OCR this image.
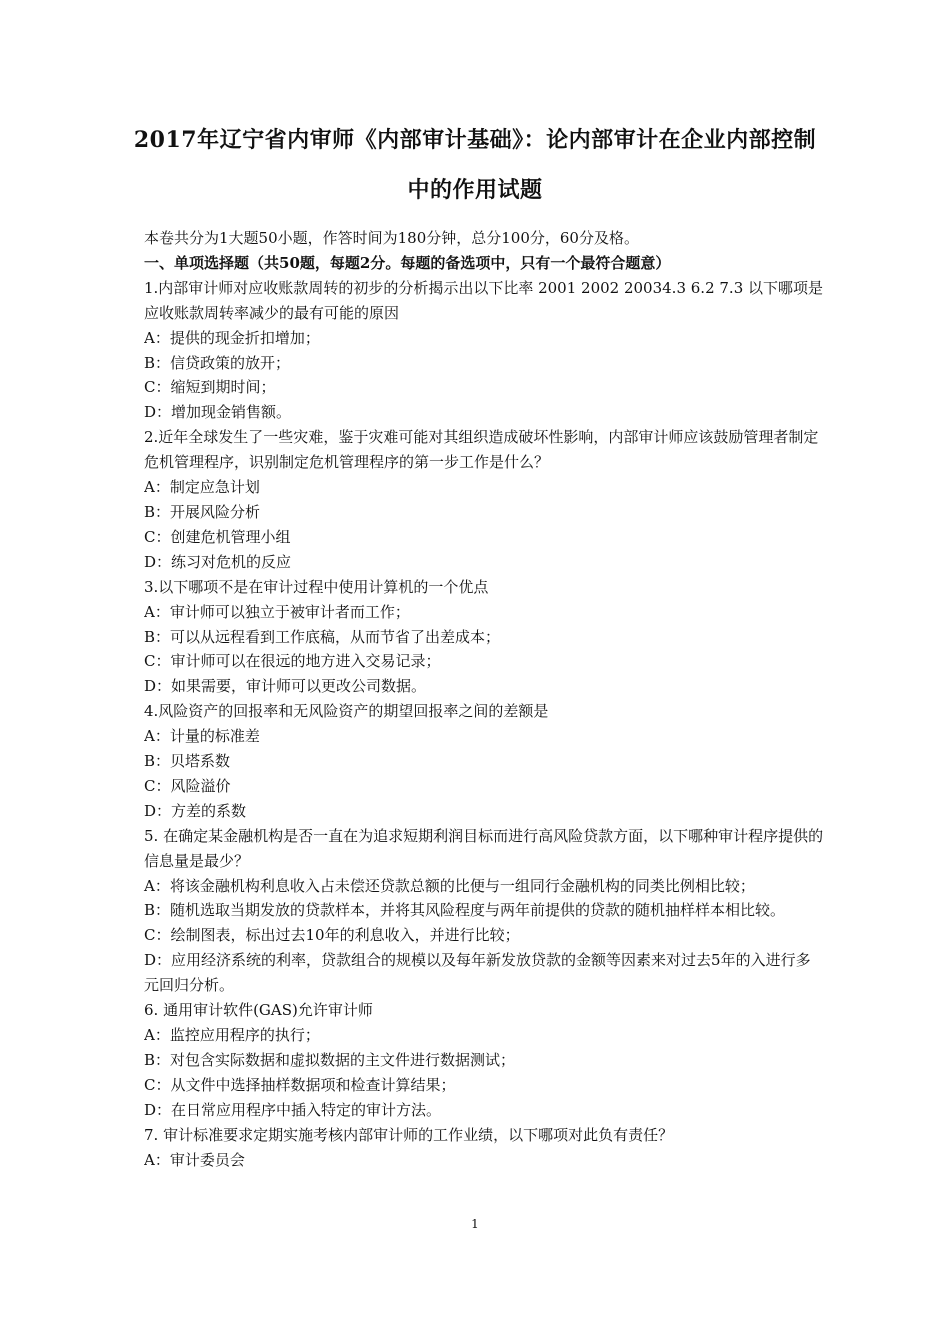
2017年辽宁省内审师《内部审计基础》：论内部审计在企业内部控制
中的作用试题
本卷共分为1大题50小题，作答时间为180分钟，总分100分，60分及格。
一、单项选择题（共50题，每题2分。每题的备选项中，只有一个最符合题意）
1.内部审计师对应收账款周转的初步的分析揭示出以下比率 2001 2002 20034.3 6.2 7.3 以下哪项是应收账款周转率减少的最有可能的原因
A：提供的现金折扣增加；
B：信贷政策的放开；
C：缩短到期时间；
D：增加现金销售额。
2.近年全球发生了一些灾难，鉴于灾难可能对其组织造成破坏性影响，内部审计师应该鼓励管理者制定危机管理程序，识别制定危机管理程序的第一步工作是什么？
A：制定应急计划
B：开展风险分析
C：创建危机管理小组
D：练习对危机的反应
3.以下哪项不是在审计过程中使用计算机的一个优点
A：审计师可以独立于被审计者而工作；
B：可以从远程看到工作底稿，从而节省了出差成本；
C：审计师可以在很远的地方进入交易记录；
D：如果需要，审计师可以更改公司数据。
4.风险资产的回报率和无风险资产的期望回报率之间的差额是
A：计量的标准差
B：贝塔系数
C：风险溢价
D：方差的系数
5. 在确定某金融机构是否一直在为追求短期利润目标而进行高风险贷款方面，以下哪种审计程序提供的信息量是最少？
A：将该金融机构利息收入占未偿还贷款总额的比便与一组同行金融机构的同类比例相比较；
B：随机选取当期发放的贷款样本，并将其风险程度与两年前提供的贷款的随机抽样样本相比较。
C：绘制图表，标出过去10年的利息收入，并进行比较；
D：应用经济系统的利率，贷款组合的规模以及每年新发放贷款的金额等因素来对过去5年的入进行多元回归分析。
6. 通用审计软件(GAS)允许审计师
A：监控应用程序的执行；
B：对包含实际数据和虚拟数据的主文件进行数据测试；
C：从文件中选择抽样数据项和检查计算结果；
D：在日常应用程序中插入特定的审计方法。
7. 审计标准要求定期实施考核内部审计师的工作业绩，以下哪项对此负有责任？
A：审计委员会
1
